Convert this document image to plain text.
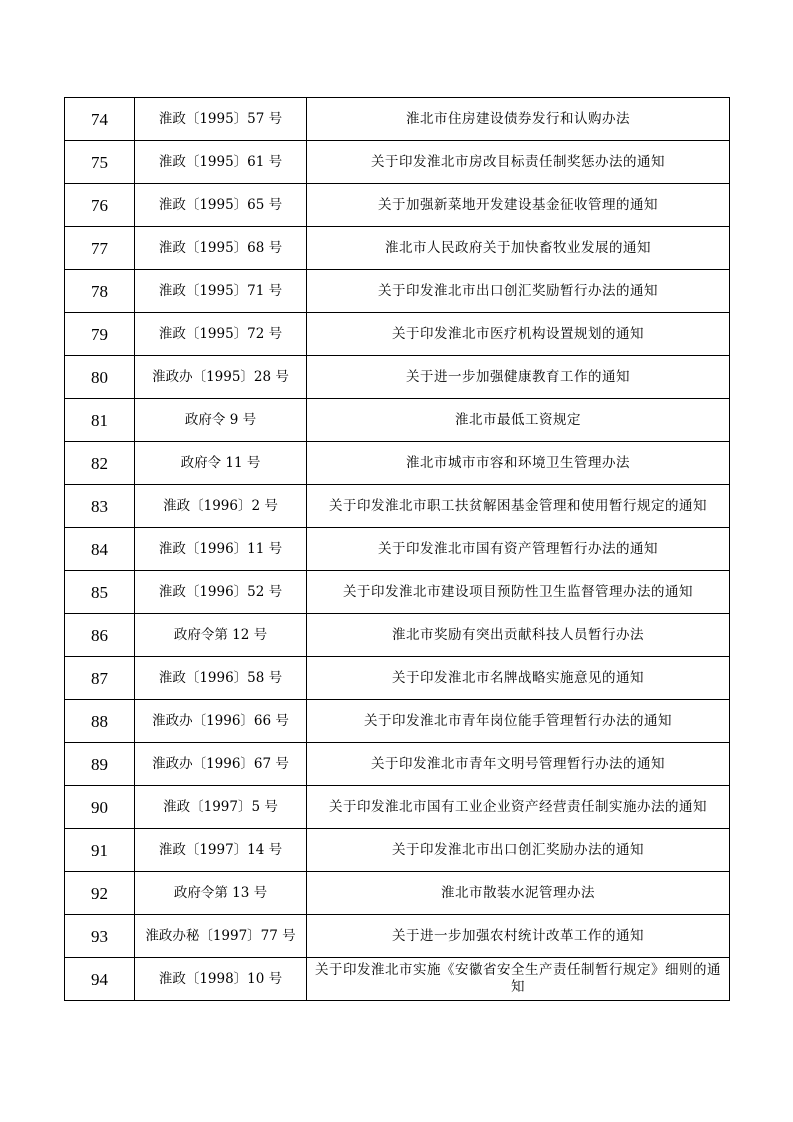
74	淮政〔1995〕57 号	淮北市住房建设债券发行和认购办法
75	淮政〔1995〕61 号	关于印发淮北市房改目标责任制奖惩办法的通知
76	淮政〔1995〕65 号	关于加强新菜地开发建设基金征收管理的通知
77	淮政〔1995〕68 号	淮北市人民政府关于加快畜牧业发展的通知
78	淮政〔1995〕71 号	关于印发淮北市出口创汇奖励暂行办法的通知
79	淮政〔1995〕72 号	关于印发淮北市医疗机构设置规划的通知
80	淮政办〔1995〕28 号	关于进一步加强健康教育工作的通知
81	政府令 9 号	淮北市最低工资规定
82	政府令 11 号	淮北市城市市容和环境卫生管理办法
83	淮政〔1996〕2 号	关于印发淮北市职工扶贫解困基金管理和使用暂行规定的通知
84	淮政〔1996〕11 号	关于印发淮北市国有资产管理暂行办法的通知
85	淮政〔1996〕52 号	关于印发淮北市建设项目预防性卫生监督管理办法的通知
86	政府令第 12 号	淮北市奖励有突出贡献科技人员暂行办法
87	淮政〔1996〕58 号	关于印发淮北市名牌战略实施意见的通知
88	淮政办〔1996〕66 号	关于印发淮北市青年岗位能手管理暂行办法的通知
89	淮政办〔1996〕67 号	关于印发淮北市青年文明号管理暂行办法的通知
90	淮政〔1997〕5 号	关于印发淮北市国有工业企业资产经营责任制实施办法的通知
91	淮政〔1997〕14 号	关于印发淮北市出口创汇奖励办法的通知
92	政府令第 13 号	淮北市散装水泥管理办法
93	淮政办秘〔1997〕77 号	关于进一步加强农村统计改革工作的通知
94	淮政〔1998〕10 号	关于印发淮北市实施《安徽省安全生产责任制暂行规定》细则的通知
